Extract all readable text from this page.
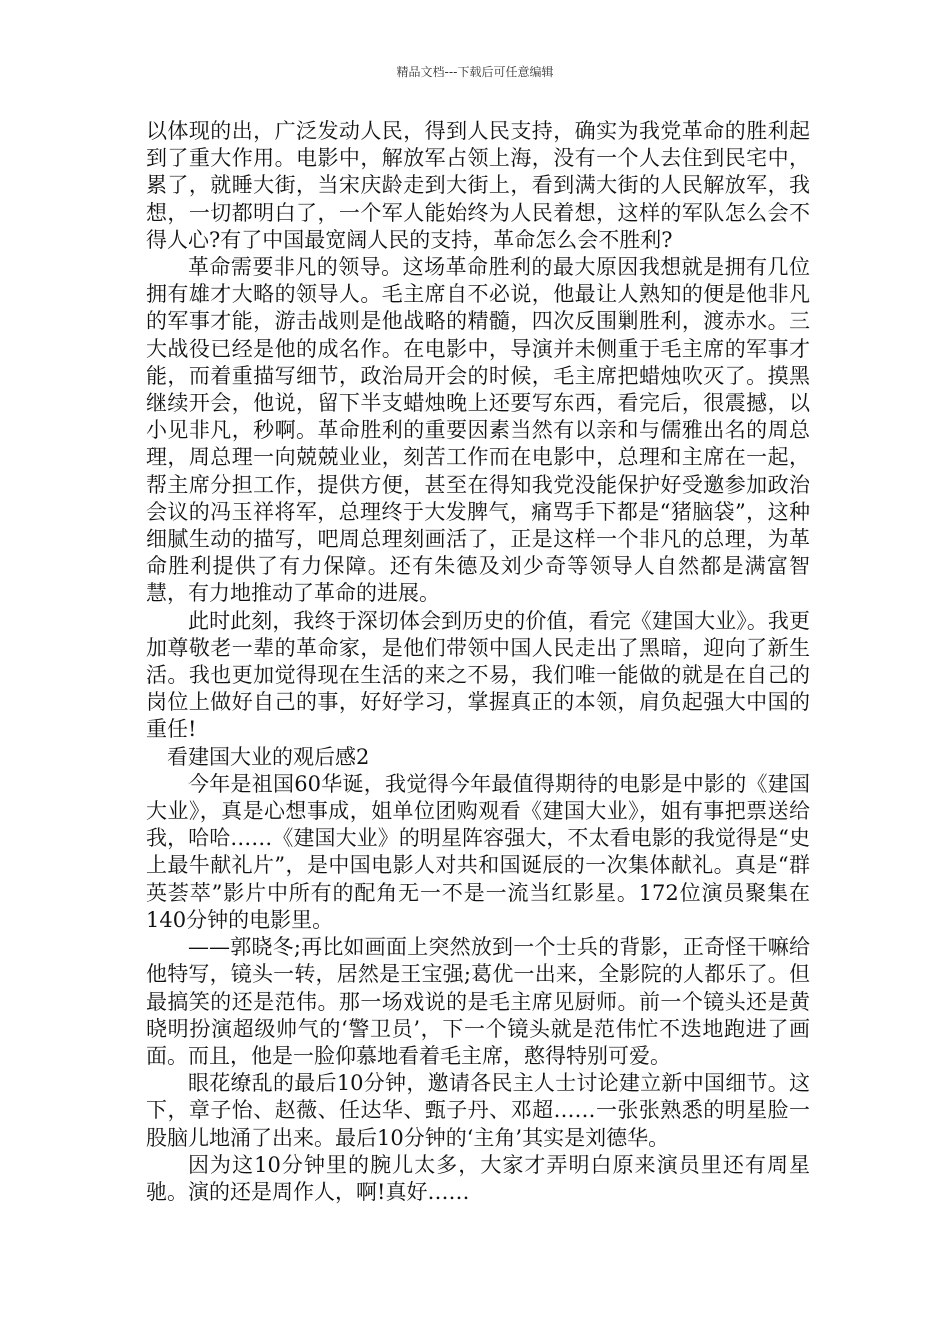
精品文档---下载后可任意编辑

以体现的出，广泛发动人民，得到人民支持，确实为我党革命的胜利起到了重大作用。电影中，解放军占领上海，没有一个人去住到民宅中，累了，就睡大街，当宋庆龄走到大街上，看到满大街的人民解放军，我想，一切都明白了，一个军人能始终为人民着想，这样的军队怎么会不得人心?有了中国最宽阔人民的支持，革命怎么会不胜利?

革命需要非凡的领导。这场革命胜利的最大原因我想就是拥有几位拥有雄才大略的领导人。毛主席自不必说，他最让人熟知的便是他非凡的军事才能，游击战则是他战略的精髓，四次反围剿胜利，渡赤水。三大战役已经是他的成名作。在电影中，导演并未侧重于毛主席的军事才能，而着重描写细节，政治局开会的时候，毛主席把蜡烛吹灭了。摸黑继续开会，他说，留下半支蜡烛晚上还要写东西，看完后，很震撼，以小见非凡，秒啊。革命胜利的重要因素当然有以亲和与儒雅出名的周总理，周总理一向兢兢业业，刻苦工作而在电影中，总理和主席在一起，帮主席分担工作，提供方便，甚至在得知我党没能保护好受邀参加政治会议的冯玉祥将军，总理终于大发脾气，痛骂手下都是“猪脑袋”，这种细腻生动的描写，吧周总理刻画活了，正是这样一个非凡的总理，为革命胜利提供了有力保障。还有朱德及刘少奇等领导人自然都是满富智慧，有力地推动了革命的进展。

此时此刻，我终于深切体会到历史的价值，看完《建国大业》。我更加尊敬老一辈的革命家，是他们带领中国人民走出了黑暗，迎向了新生活。我也更加觉得现在生活的来之不易，我们唯一能做的就是在自己的岗位上做好自己的事，好好学习，掌握真正的本领，肩负起强大中国的重任!

看建国大业的观后感2

今年是祖国60华诞，我觉得今年最值得期待的电影是中影的《建国大业》，真是心想事成，姐单位团购观看《建国大业》，姐有事把票送给我，哈哈……《建国大业》的明星阵容强大，不太看电影的我觉得是“史上最牛献礼片”，是中国电影人对共和国诞辰的一次集体献礼。真是“群英荟萃”影片中所有的配角无一不是一流当红影星。172位演员聚集在140分钟的电影里。

——郭晓冬;再比如画面上突然放到一个士兵的背影，正奇怪干嘛给他特写，镜头一转，居然是王宝强;葛优一出来，全影院的人都乐了。但最搞笑的还是范伟。那一场戏说的是毛主席见厨师。前一个镜头还是黄晓明扮演超级帅气的‘警卫员’，下一个镜头就是范伟忙不迭地跑进了画面。而且，他是一脸仰慕地看着毛主席，憨得特别可爱。

眼花缭乱的最后10分钟，邀请各民主人士讨论建立新中国细节。这下，章子怡、赵薇、任达华、甄子丹、邓超……一张张熟悉的明星脸一股脑儿地涌了出来。最后10分钟的‘主角’其实是刘德华。

因为这10分钟里的腕儿太多，大家才弄明白原来演员里还有周星驰。演的还是周作人，啊!真好……
